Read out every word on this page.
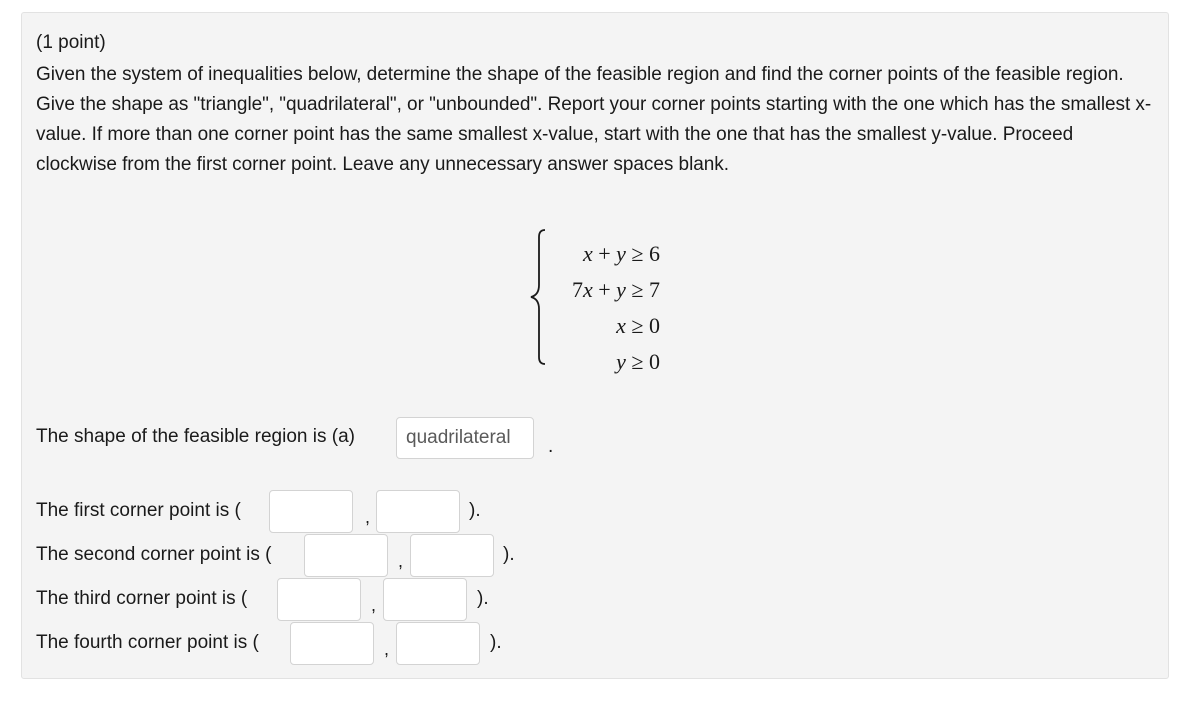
(1 point)
Given the system of inequalities below, determine the shape of the feasible region and find the corner points of the feasible region. Give the shape as "triangle", "quadrilateral", or "unbounded". Report your corner points starting with the one which has the smallest x-value. If more than one corner point has the same smallest x-value, start with the one that has the smallest y-value. Proceed clockwise from the first corner point. Leave any unnecessary answer spaces blank.
x + y ≥ 6
7x + y ≥ 7
x ≥ 0
y ≥ 0
The shape of the feasible region is (a)	quadrilateral	.
The first corner point is (	,	).
The second corner point is (	,	).
The third corner point is (	,	).
The fourth corner point is (	,	).
